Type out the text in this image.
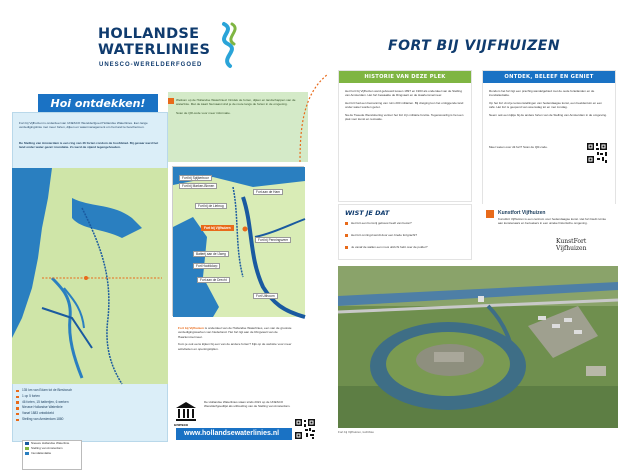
HOLLANDSE
WATERLINIES
UNESCO-WERELDERFGOED
Hoi ontdekken!
Fort bij Vijfhuizen is onderdeel van UNESCO Werelderfgoed Hollandse Waterlinies. Een lange verdedigingslinie met meer forten, dijken en watermanagement om het land te beschermen.
De Stelling van Amsterdam is een ring van 46 forten rondom de hoofdstad. Bij gevaar werd het land onder water gezet: inundatie. Zo werd de vijand tegengehouden.
Welkom op de Hollandse Waterlinies! Ontdek de forten, dijken en landschappen van de waterlinie. Met de kaart hiernaast vind je de route langs de forten in de omgeving.
Scan de QR-code voor meer informatie.
Nieuwe Hollandse Waterlinie
Stelling van Amsterdam
Inundatievlakte
135 km van Edam tot de Biesbosch
1 op 5 forten
46 forten, 15 batterijen, 6 werken
Nieuwe Hollandse Waterlinie
Vanaf 1883 ontwikkeld
Stelling van Amsterdam 1880
Fort bij Spijkerboor
Fort bij Marken-Binnen
Fort aan de Ham
Fort bij de Liebrug
Fort bij Vijfhuizen
Fort bij Penningsveer
Batterij aan de IJweg
Fort Hoofddorp
Fort aan de Drecht
Fort Uithoorn

Fort bij Vijfhuizen is onderdeel van de Hollandse Waterlinies, een van de grootste verdedigingswerken van Nederland. Het fort ligt aan de Ringvaart van de Haarlemmermeer.

Kom je ook eens kijken bij een van de andere forten? Kijk op de website voor meer activiteiten en openingstijden.

unesco
De Hollandse Waterlinies staan sinds 2021 op de UNESCO Werelderfgoedlijst als uitbreiding van de Stelling van Amsterdam.
www.hollandsewaterlinies.nl
FORT BIJ VIJFHUIZEN
HISTORIE VAN DEZE PLEK

Het Fort bij Vijfhuizen werd gebouwd tussen 1897 en 1903 als onderdeel van de Stelling van Amsterdam. Het fort bewaakte de Ringvaart en de Haarlemmermeer.

Het fort had een bemanning van ruim 200 militairen. Bij dreiging kon het omliggende land onder water worden gezet.

Na de Tweede Wereldoorlog verloor het fort zijn militaire functie. Tegenwoordig is het een plek voor kunst en recreatie.

ONTDEK, BELEEF EN GENIET

Rondom het fort ligt een prachtig wandelgebied met de oude forteilanden en de inundatievlakte.

Op het fort vind je tentoonstellingen van hedendaagse kunst, een beeldentuin en een café. Het fort is geopend van woensdag tot en met zondag.

Neem ook een kijkje bij de andere forten van de Stelling van Amsterdam in de omgeving.

Meer weten over dit fort? Scan de QR-code.

WIST JE DAT
Het fort een bomvrij gebouw heeft van beton?
Het fort omringd wordt door een brede fortgracht?
Je vanaf de wallen een mooi uitzicht hebt over de polder?
Kunstfort Vijfhuizen
Kunstfort Vijfhuizen is een centrum voor hedendaagse kunst. Het fort biedt ruimte aan kunstenaars en bezoekers in een unieke historische omgeving.
KunstFort Vijfhuizen
Fort bij Vijfhuizen, luchtfoto
